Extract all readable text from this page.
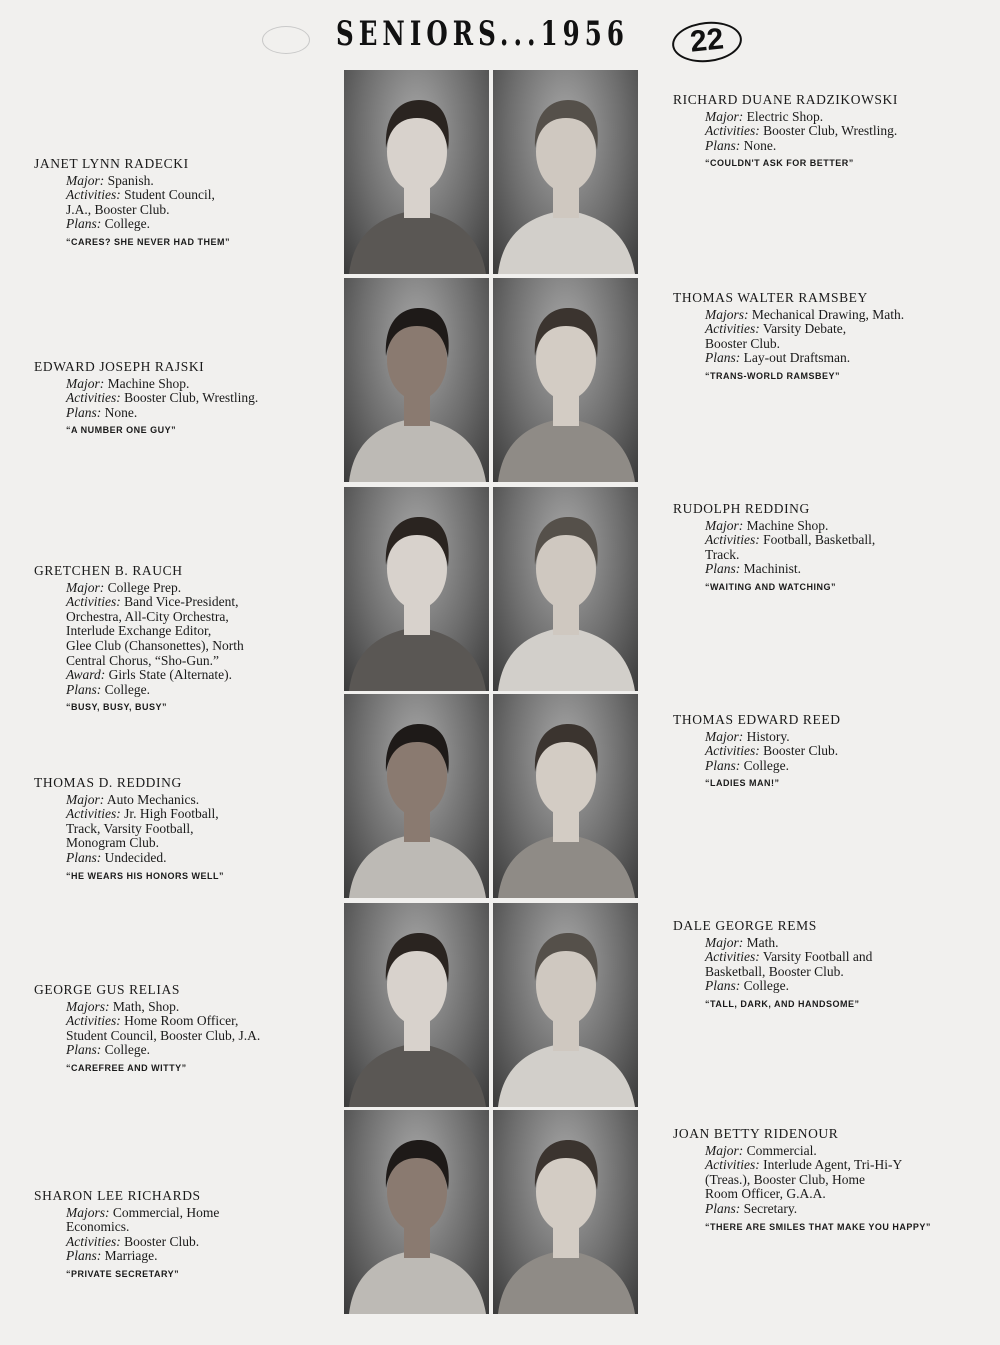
SENIORS...1956	22
JANET LYNN RADECKI
Major: Spanish.
Activities: Student Council,
J.A., Booster Club.
Plans: College.
“CARES? SHE NEVER HAD THEM”
EDWARD JOSEPH RAJSKI
Major: Machine Shop.
Activities: Booster Club, Wrestling.
Plans: None.
“A NUMBER ONE GUY”
GRETCHEN B. RAUCH
Major: College Prep.
Activities: Band Vice-President,
Orchestra, All-City Orchestra,
Interlude Exchange Editor,
Glee Club (Chansonettes), North
Central Chorus, “Sho-Gun.”
Award: Girls State (Alternate).
Plans: College.
“BUSY, BUSY, BUSY”
THOMAS D. REDDING
Major: Auto Mechanics.
Activities: Jr. High Football,
Track, Varsity Football,
Monogram Club.
Plans: Undecided.
“HE WEARS HIS HONORS WELL”
GEORGE GUS RELIAS
Majors: Math, Shop.
Activities: Home Room Officer,
Student Council, Booster Club, J.A.
Plans: College.
“CAREFREE AND WITTY”
SHARON LEE RICHARDS
Majors: Commercial, Home
Economics.
Activities: Booster Club.
Plans: Marriage.
“PRIVATE SECRETARY”
RICHARD DUANE RADZIKOWSKI
Major: Electric Shop.
Activities: Booster Club, Wrestling.
Plans: None.
“COULDN'T ASK FOR BETTER”
THOMAS WALTER RAMSBEY
Majors: Mechanical Drawing, Math.
Activities: Varsity Debate,
Booster Club.
Plans: Lay-out Draftsman.
“TRANS-WORLD RAMSBEY”
RUDOLPH REDDING
Major: Machine Shop.
Activities: Football, Basketball,
Track.
Plans: Machinist.
“WAITING AND WATCHING”
THOMAS EDWARD REED
Major: History.
Activities: Booster Club.
Plans: College.
“LADIES MAN!”
DALE GEORGE REMS
Major: Math.
Activities: Varsity Football and
Basketball, Booster Club.
Plans: College.
“TALL, DARK, AND HANDSOME”
JOAN BETTY RIDENOUR
Major: Commercial.
Activities: Interlude Agent, Tri-Hi-Y
(Treas.), Booster Club, Home
Room Officer, G.A.A.
Plans: Secretary.
“THERE ARE SMILES THAT MAKE YOU HAPPY”
